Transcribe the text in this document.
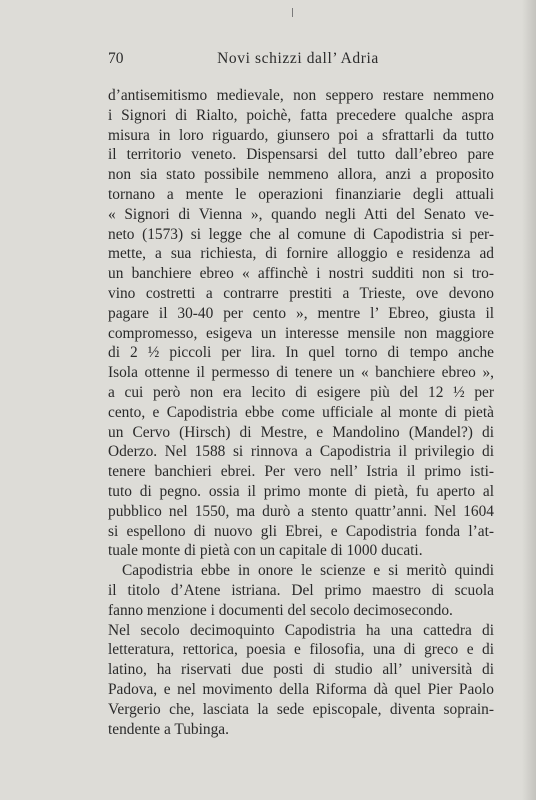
70	Novi schizzi dall’ Adria
d’antisemitismo medievale, non seppero restare nemmeno
i Signori di Rialto, poichè, fatta precedere qualche aspra
misura in loro riguardo, giunsero poi a sfrattarli da tutto
il territorio veneto. Dispensarsi del tutto dall’ebreo pare
non sia stato possibile nemmeno allora, anzi a proposito
tornano a mente le operazioni finanziarie degli attuali
« Signori di Vienna », quando negli Atti del Senato ve-
neto (1573) si legge che al comune di Capodistria si per-
mette, a sua richiesta, di fornire alloggio e residenza ad
un banchiere ebreo « affinchè i nostri sudditi non si tro-
vino costretti a contrarre prestiti a Trieste, ove devono
pagare il 30-40 per cento », mentre l’ Ebreo, giusta il
compromesso, esigeva un interesse mensile non maggiore
di 2 ½ piccoli per lira. In quel torno di tempo anche
Isola ottenne il permesso di tenere un « banchiere ebreo »,
a cui però non era lecito di esigere più del 12 ½ per
cento, e Capodistria ebbe come ufficiale al monte di pietà
un Cervo (Hirsch) di Mestre, e Mandolino (Mandel?) di
Oderzo. Nel 1588 si rinnova a Capodistria il privilegio di
tenere banchieri ebrei. Per vero nell’ Istria il primo isti-
tuto di pegno. ossia il primo monte di pietà, fu aperto al
pubblico nel 1550, ma durò a stento quattr’anni. Nel 1604
si espellono di nuovo gli Ebrei, e Capodistria fonda l’at-
tuale monte di pietà con un capitale di 1000 ducati.
Capodistria ebbe in onore le scienze e si meritò quindi
il titolo d’Atene istriana. Del primo maestro di scuola
fanno menzione i documenti del secolo decimosecondo.
Nel secolo decimoquinto Capodistria ha una cattedra di
letteratura, rettorica, poesia e filosofia, una di greco e di
latino, ha riservati due posti di studio all’ università di
Padova, e nel movimento della Riforma dà quel Pier Paolo
Vergerio che, lasciata la sede episcopale, diventa soprain-
tendente a Tubinga.
